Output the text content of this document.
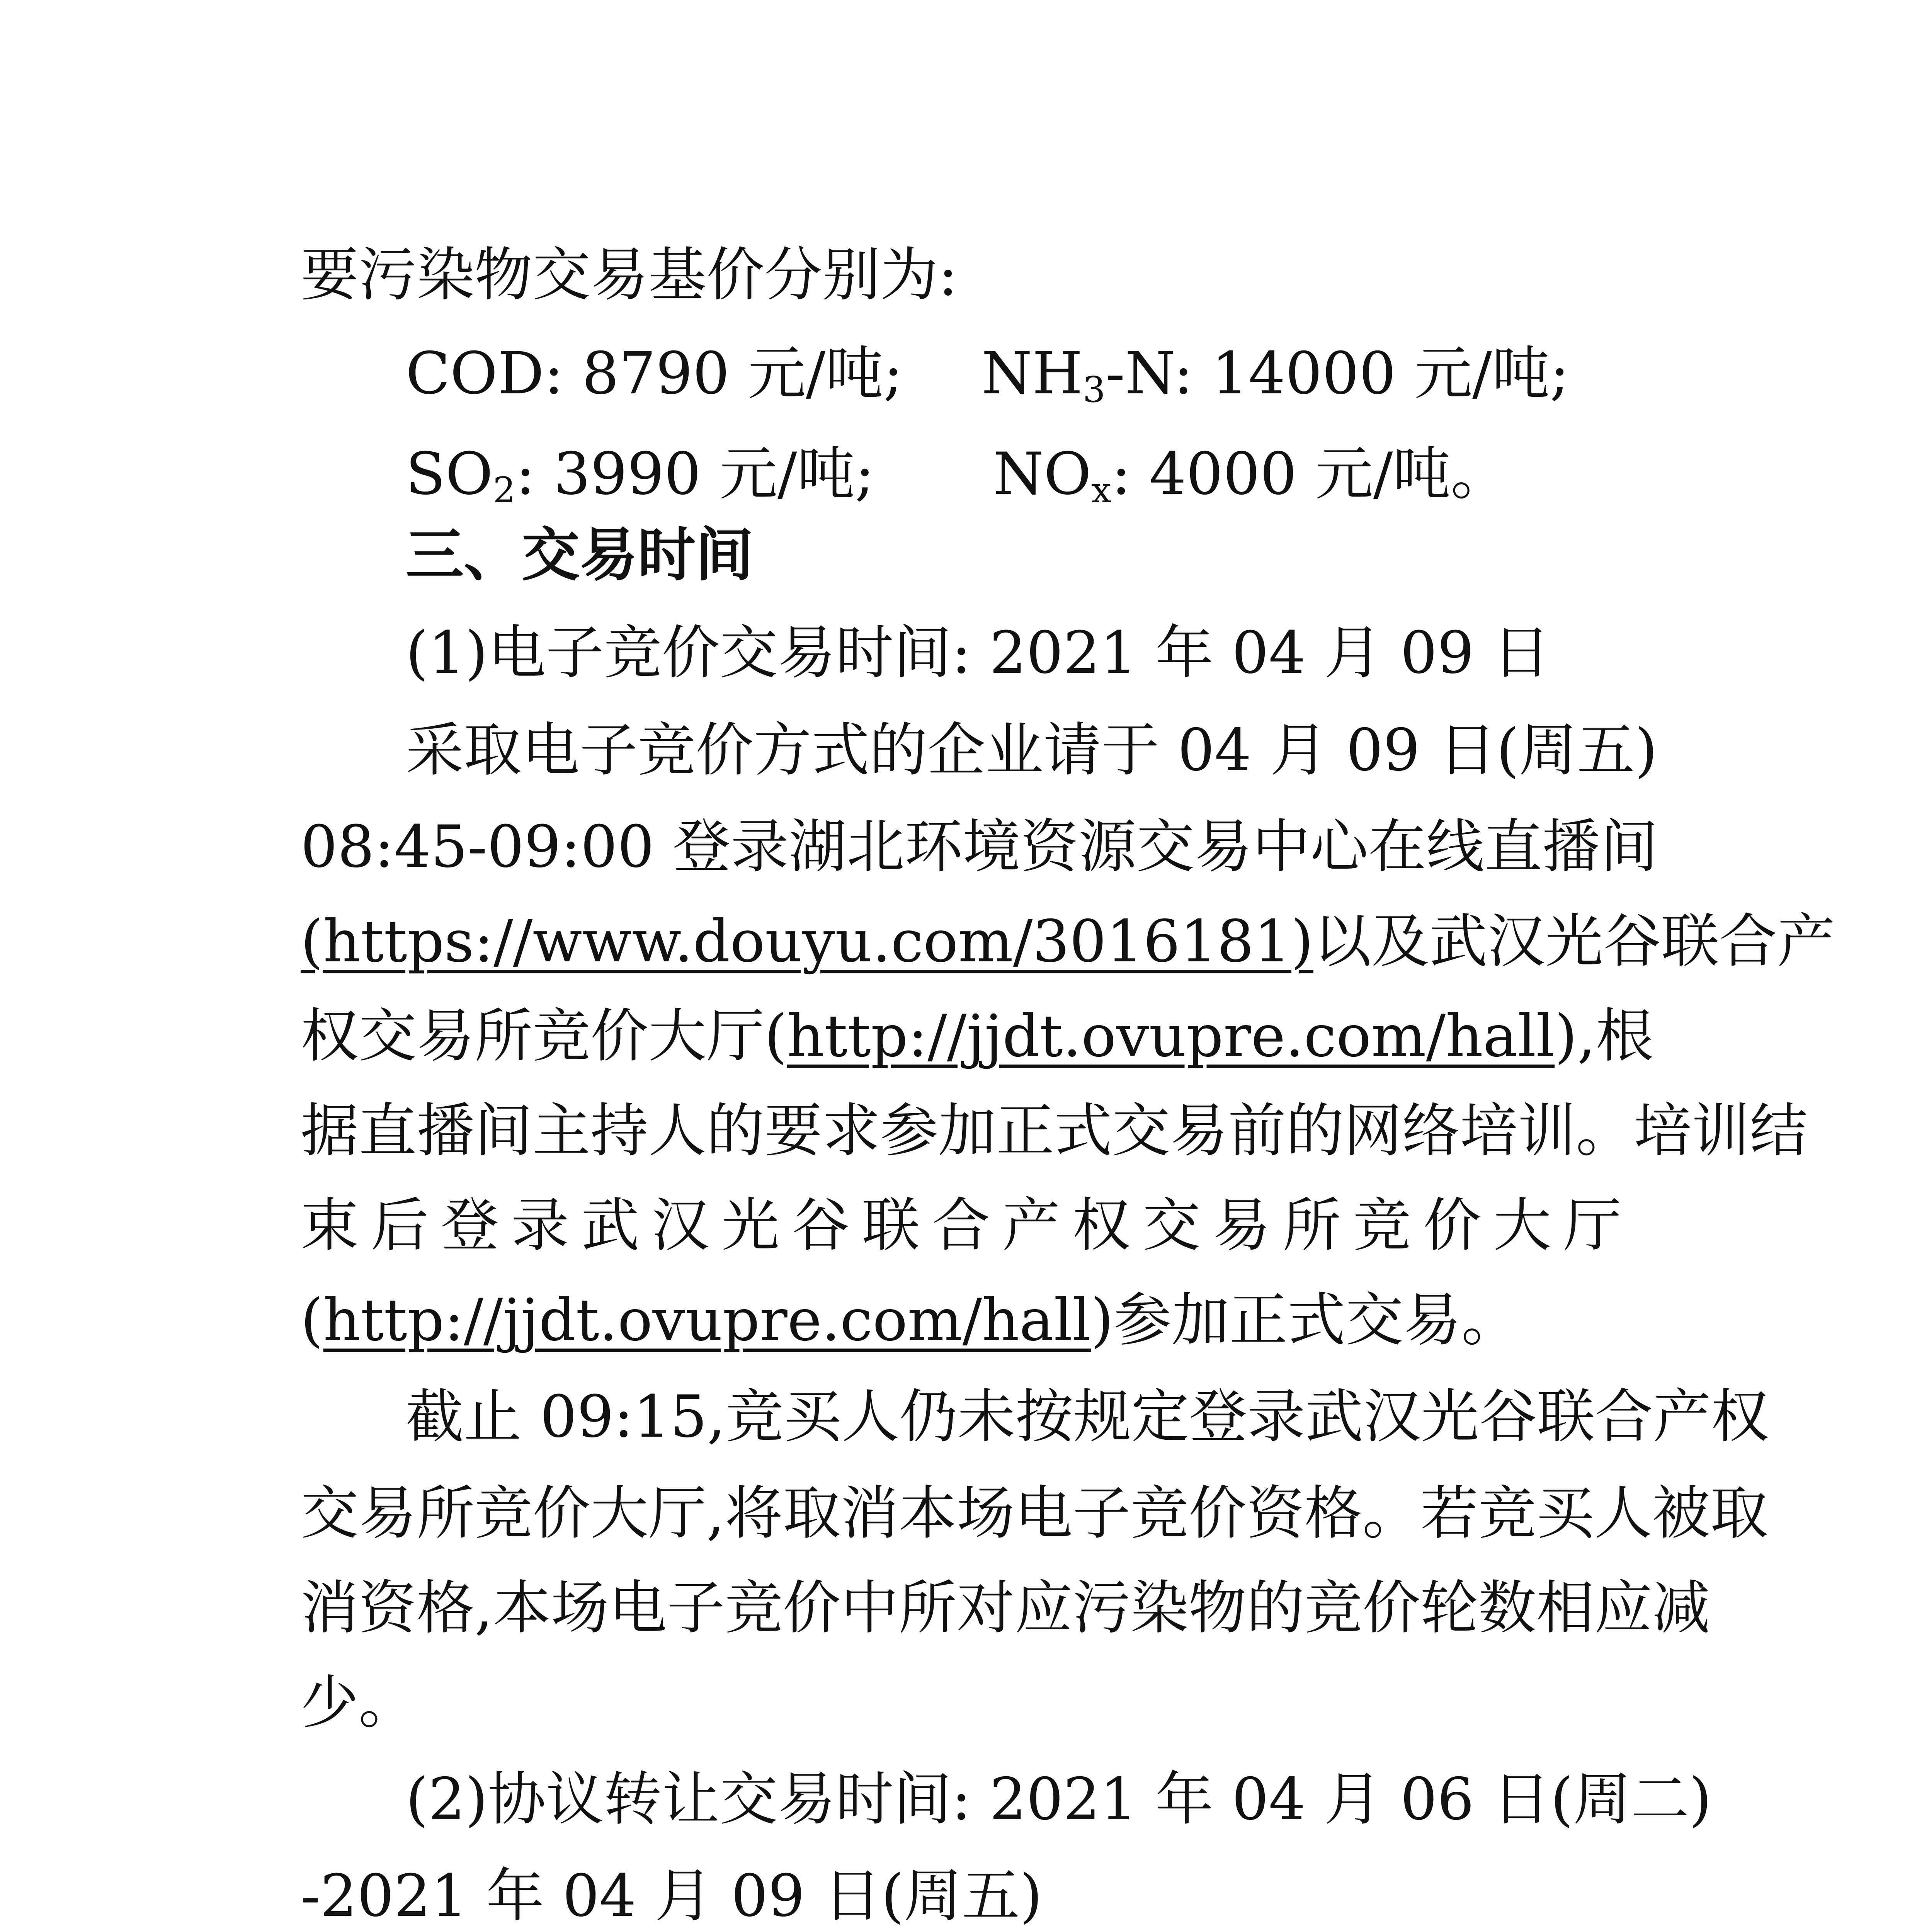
要污染物交易基价分别为:
COD: 8790 元/吨; $NH_3-N$: 14000 元/吨;
$SO_2$: 3990 元/吨; $NO_x$: 4000 元/吨。
三、交易时间
(1)电子竞价交易时间: 2021 年 04 月 09 日
采取电子竞价方式的企业请于 04 月 09 日(周五)
08:45-09:00 登录湖北环境资源交易中心在线直播间
(https://www.douyu.com/3016181)以及武汉光谷联合产
权交易所竞价大厅(http://jjdt.ovupre.com/hall),根
据直播间主持人的要求参加正式交易前的网络培训。培训结
束后登录武汉光谷联合产权交易所竞价大厅
(http://jjdt.ovupre.com/hall)参加正式交易。
截止 09:15,竞买人仍未按规定登录武汉光谷联合产权
交易所竞价大厅,将取消本场电子竞价资格。若竞买人被取
消资格,本场电子竞价中所对应污染物的竞价轮数相应减
少。
(2)协议转让交易时间: 2021 年 04 月 06 日(周二)
-2021 年 04 月 09 日(周五)
